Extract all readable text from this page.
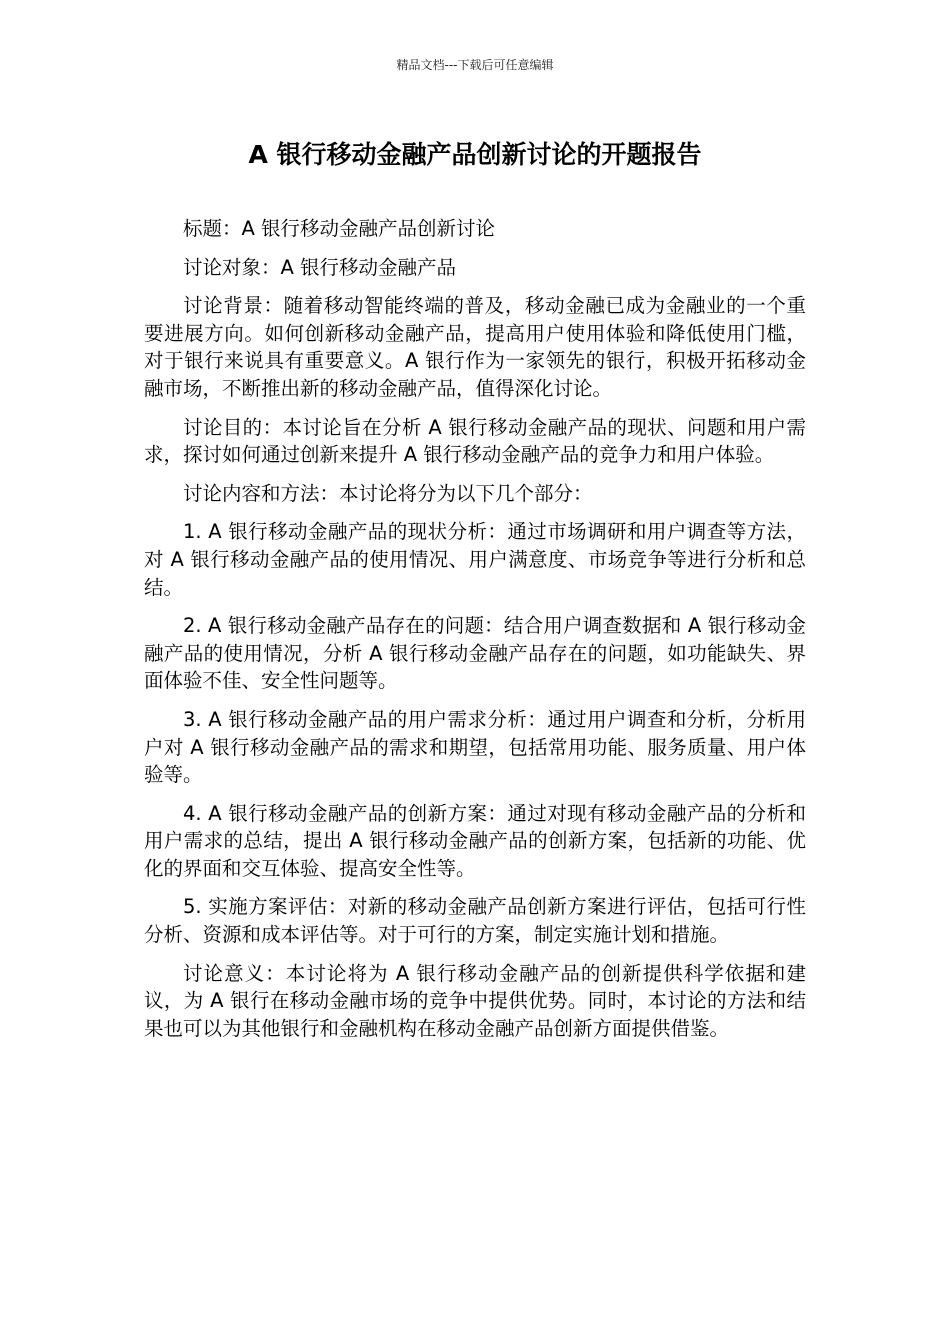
精品文档---下载后可任意编辑
A 银行移动金融产品创新讨论的开题报告

标题：A 银行移动金融产品创新讨论

讨论对象：A 银行移动金融产品

讨论背景：随着移动智能终端的普及，移动金融已成为金融业的一个重要进展方向。如何创新移动金融产品，提高用户使用体验和降低使用门槛，对于银行来说具有重要意义。A 银行作为一家领先的银行，积极开拓移动金融市场，不断推出新的移动金融产品，值得深化讨论。

讨论目的：本讨论旨在分析 A 银行移动金融产品的现状、问题和用户需求，探讨如何通过创新来提升 A 银行移动金融产品的竞争力和用户体验。

讨论内容和方法：本讨论将分为以下几个部分：

1. A 银行移动金融产品的现状分析：通过市场调研和用户调查等方法，对 A 银行移动金融产品的使用情况、用户满意度、市场竞争等进行分析和总结。

2. A 银行移动金融产品存在的问题：结合用户调查数据和 A 银行移动金融产品的使用情况，分析 A 银行移动金融产品存在的问题，如功能缺失、界面体验不佳、安全性问题等。

3. A 银行移动金融产品的用户需求分析：通过用户调查和分析，分析用户对 A 银行移动金融产品的需求和期望，包括常用功能、服务质量、用户体验等。

4. A 银行移动金融产品的创新方案：通过对现有移动金融产品的分析和用户需求的总结，提出 A 银行移动金融产品的创新方案，包括新的功能、优化的界面和交互体验、提高安全性等。

5. 实施方案评估：对新的移动金融产品创新方案进行评估，包括可行性分析、资源和成本评估等。对于可行的方案，制定实施计划和措施。

讨论意义：本讨论将为 A 银行移动金融产品的创新提供科学依据和建议，为 A 银行在移动金融市场的竞争中提供优势。同时，本讨论的方法和结果也可以为其他银行和金融机构在移动金融产品创新方面提供借鉴。
